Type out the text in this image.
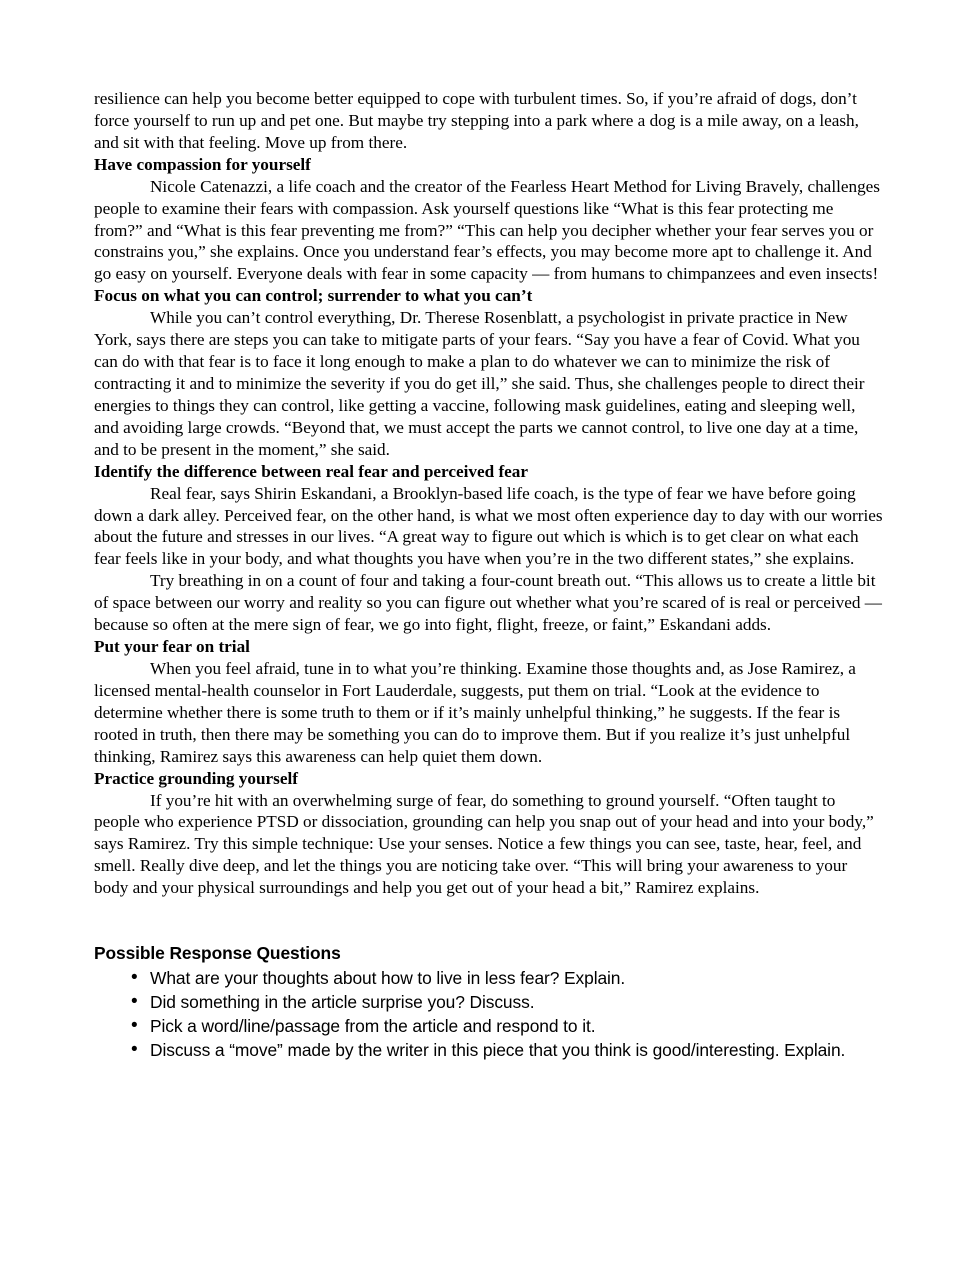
resilience can help you become better equipped to cope with turbulent times. So, if you’re afraid of dogs, don’t force yourself to run up and pet one. But maybe try stepping into a park where a dog is a mile away, on a leash, and sit with that feeling. Move up from there.

Have compassion for yourself

Nicole Catenazzi, a life coach and the creator of the Fearless Heart Method for Living Bravely, challenges people to examine their fears with compassion. Ask yourself questions like “What is this fear protecting me from?” and “What is this fear preventing me from?” “This can help you decipher whether your fear serves you or constrains you,” she explains. Once you understand fear’s effects, you may become more apt to challenge it. And go easy on yourself. Everyone deals with fear in some capacity — from humans to chimpanzees and even insects!

Focus on what you can control; surrender to what you can’t

While you can’t control everything, Dr. Therese Rosenblatt, a psychologist in private practice in New York, says there are steps you can take to mitigate parts of your fears. “Say you have a fear of Covid. What you can do with that fear is to face it long enough to make a plan to do whatever we can to minimize the risk of contracting it and to minimize the severity if you do get ill,” she said. Thus, she challenges people to direct their energies to things they can control, like getting a vaccine, following mask guidelines, eating and sleeping well, and avoiding large crowds. “Beyond that, we must accept the parts we cannot control, to live one day at a time, and to be present in the moment,” she said.

Identify the difference between real fear and perceived fear

Real fear, says Shirin Eskandani, a Brooklyn-based life coach, is the type of fear we have before going down a dark alley. Perceived fear, on the other hand, is what we most often experience day to day with our worries about the future and stresses in our lives. “A great way to figure out which is which is to get clear on what each fear feels like in your body, and what thoughts you have when you’re in the two different states,” she explains.

Try breathing in on a count of four and taking a four-count breath out. “This allows us to create a little bit of space between our worry and reality so you can figure out whether what you’re scared of is real or perceived — because so often at the mere sign of fear, we go into fight, flight, freeze, or faint,” Eskandani adds.

Put your fear on trial

When you feel afraid, tune in to what you’re thinking. Examine those thoughts and, as Jose Ramirez, a licensed mental-health counselor in Fort Lauderdale, suggests, put them on trial. “Look at the evidence to determine whether there is some truth to them or if it’s mainly unhelpful thinking,” he suggests. If the fear is rooted in truth, then there may be something you can do to improve them. But if you realize it’s just unhelpful thinking, Ramirez says this awareness can help quiet them down.

Practice grounding yourself

If you’re hit with an overwhelming surge of fear, do something to ground yourself. “Often taught to people who experience PTSD or dissociation, grounding can help you snap out of your head and into your body,” says Ramirez. Try this simple technique: Use your senses. Notice a few things you can see, taste, hear, feel, and smell. Really dive deep, and let the things you are noticing take over. “This will bring your awareness to your body and your physical surroundings and help you get out of your head a bit,” Ramirez explains.

Possible Response Questions
• What are your thoughts about how to live in less fear? Explain.
• Did something in the article surprise you? Discuss.
• Pick a word/line/passage from the article and respond to it.
• Discuss a “move” made by the writer in this piece that you think is good/interesting. Explain.
